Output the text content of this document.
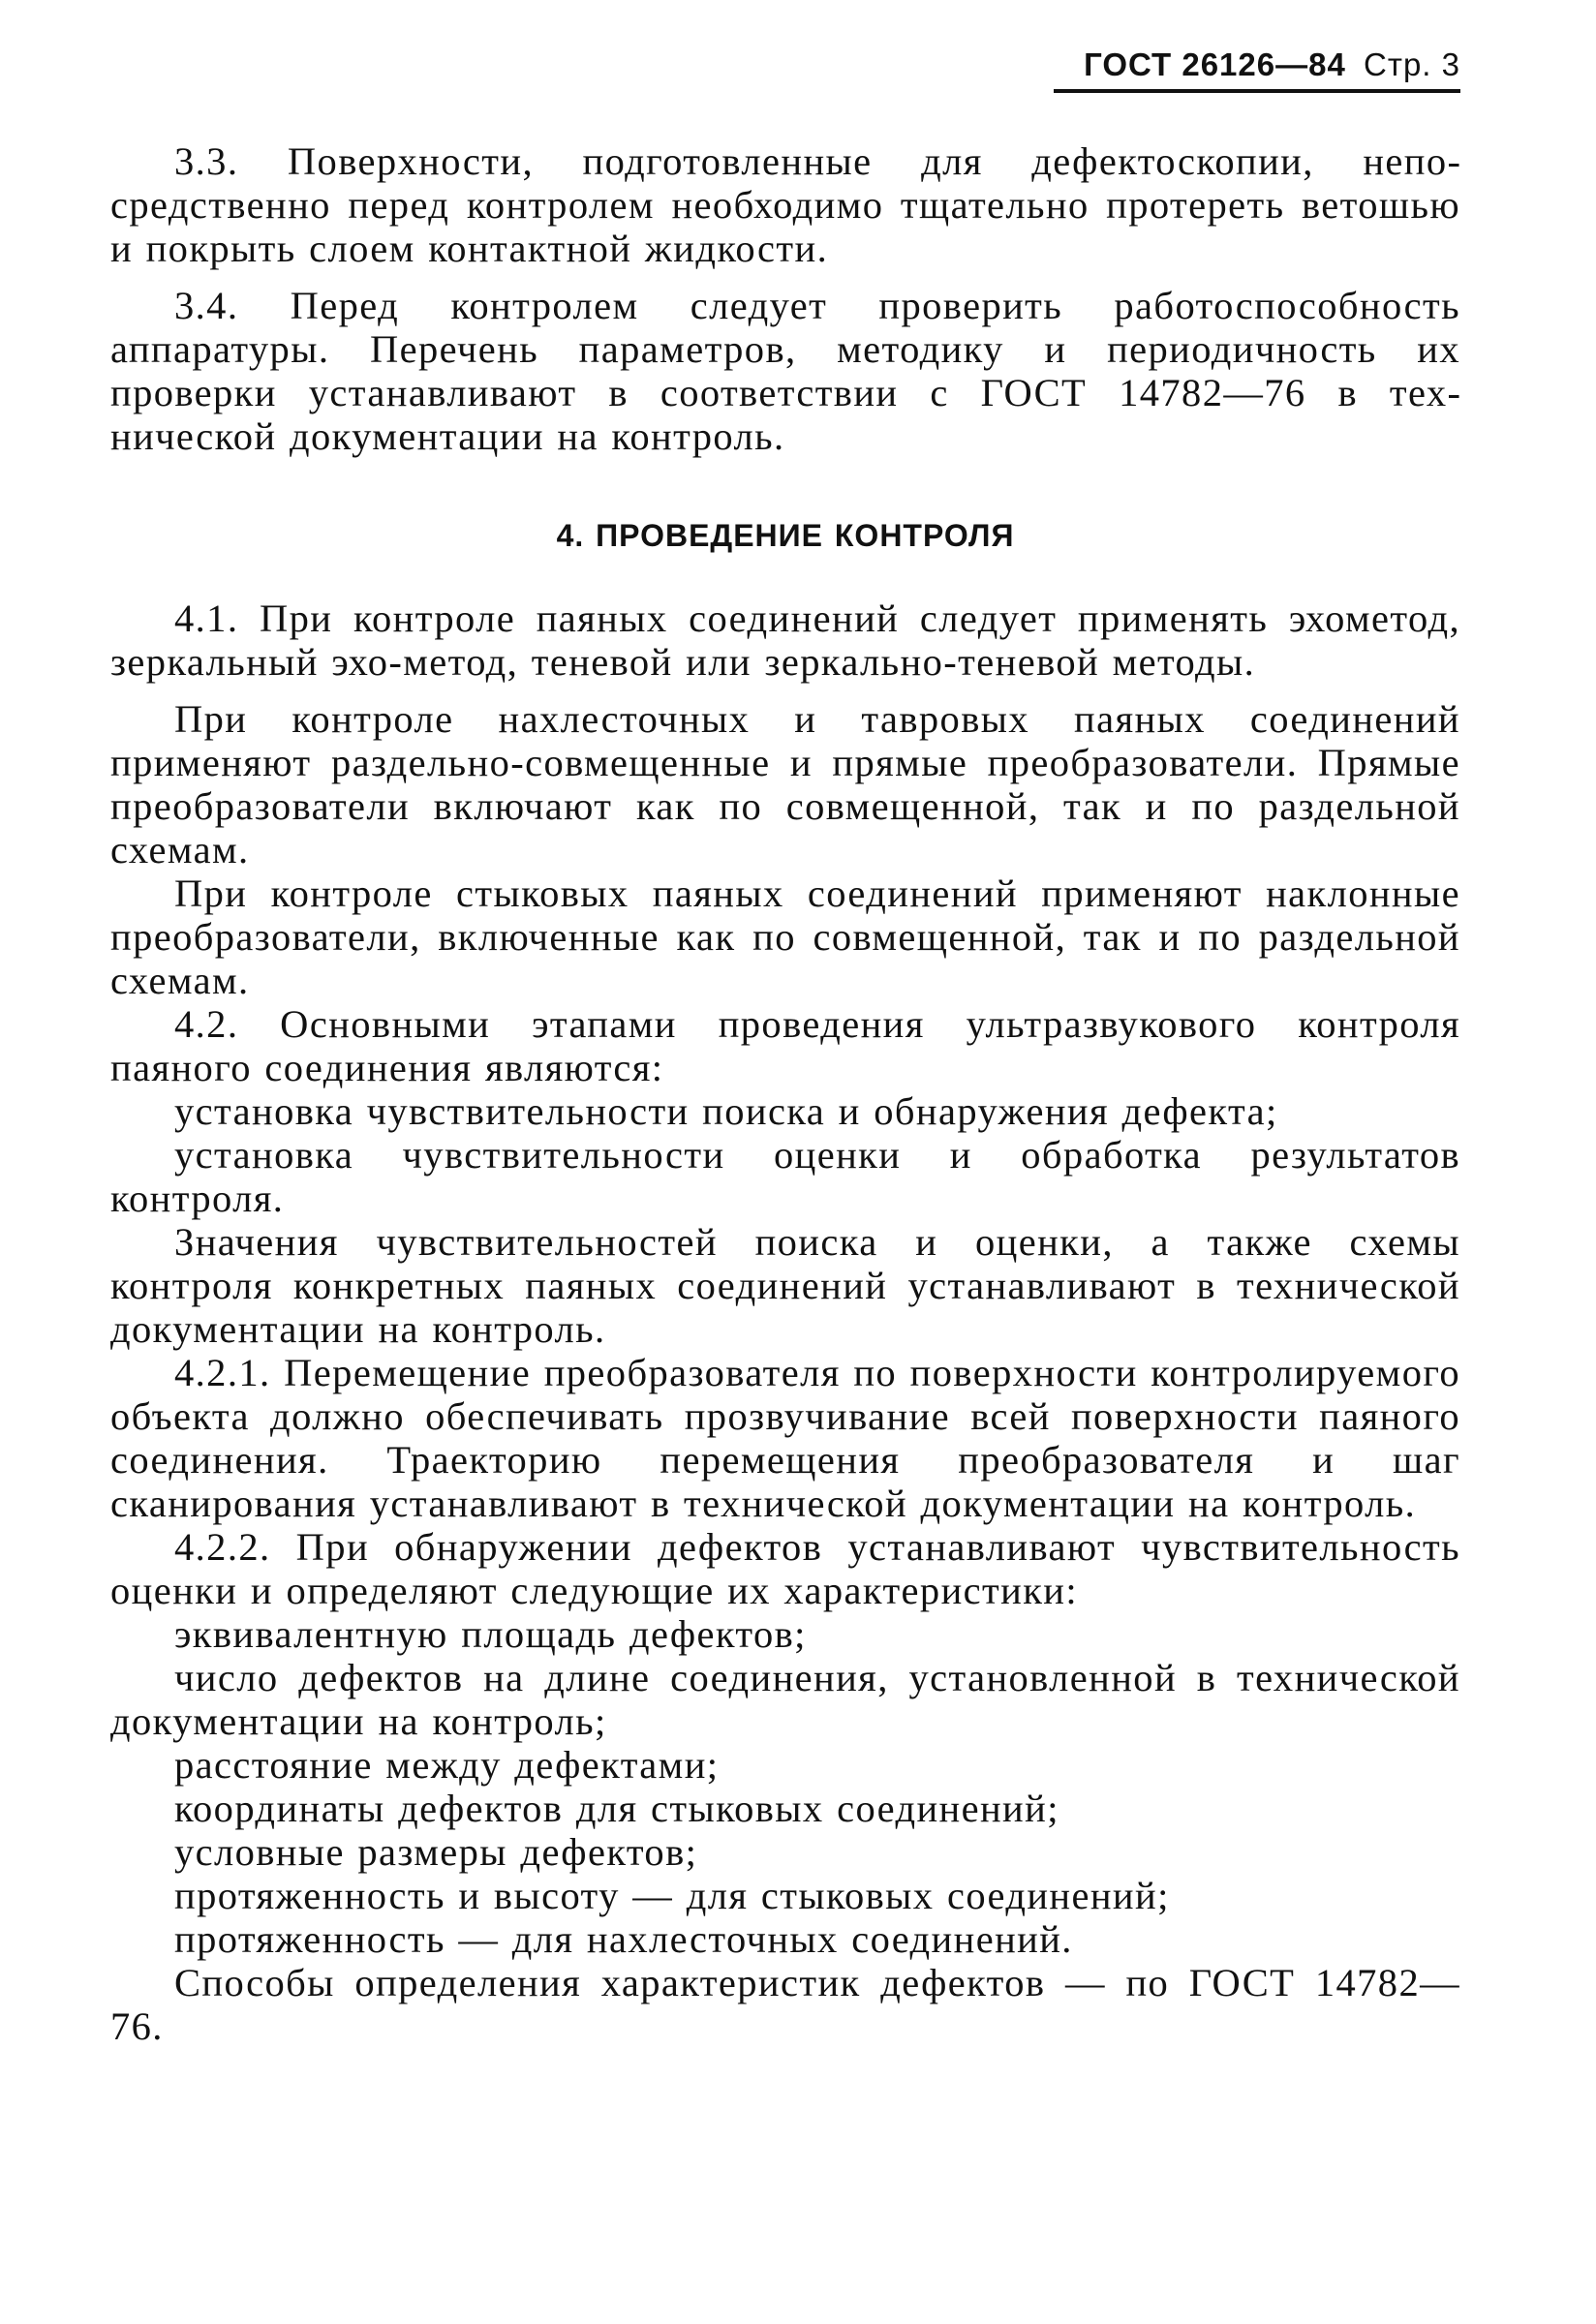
ГОСТ 26126—84 Стр. 3

3.3. Поверхности, подготовленные для дефектоскопии, непосредственно перед контролем необходимо тщательно протереть ветошью и покрыть слоем контактной жидкости.

3.4. Перед контролем следует проверить работоспособность аппаратуры. Перечень параметров, методику и периодичность их проверки устанавливают в соответствии с ГОСТ 14782—76 в технической документации на контроль.

4. ПРОВЕДЕНИЕ КОНТРОЛЯ

4.1. При контроле паяных соединений следует применять эхометод, зеркальный эхо-метод, теневой или зеркально-теневой методы.

При контроле нахлесточных и тавровых паяных соединений применяют раздельно-совмещенные и прямые преобразователи. Прямые преобразователи включают как по совмещенной, так и по раздельной схемам.

При контроле стыковых паяных соединений применяют наклонные преобразователи, включенные как по совмещенной, так и по раздельной схемам.

4.2. Основными этапами проведения ультразвукового контроля паяного соединения являются:

установка чувствительности поиска и обнаружения дефекта;
установка чувствительности оценки и обработка результатов контроля.

Значения чувствительностей поиска и оценки, а также схемы контроля конкретных паяных соединений устанавливают в технической документации на контроль.

4.2.1. Перемещение преобразователя по поверхности контролируемого объекта должно обеспечивать прозвучивание всей поверхности паяного соединения. Траекторию перемещения преобразователя и шаг сканирования устанавливают в технической документации на контроль.

4.2.2. При обнаружении дефектов устанавливают чувствительность оценки и определяют следующие их характеристики:

эквивалентную площадь дефектов;
число дефектов на длине соединения, установленной в технической документации на контроль;
расстояние между дефектами;
координаты дефектов для стыковых соединений;
условные размеры дефектов;
протяженность и высоту — для стыковых соединений;
протяженность — для нахлесточных соединений.

Способы определения характеристик дефектов — по ГОСТ 14782—76.
